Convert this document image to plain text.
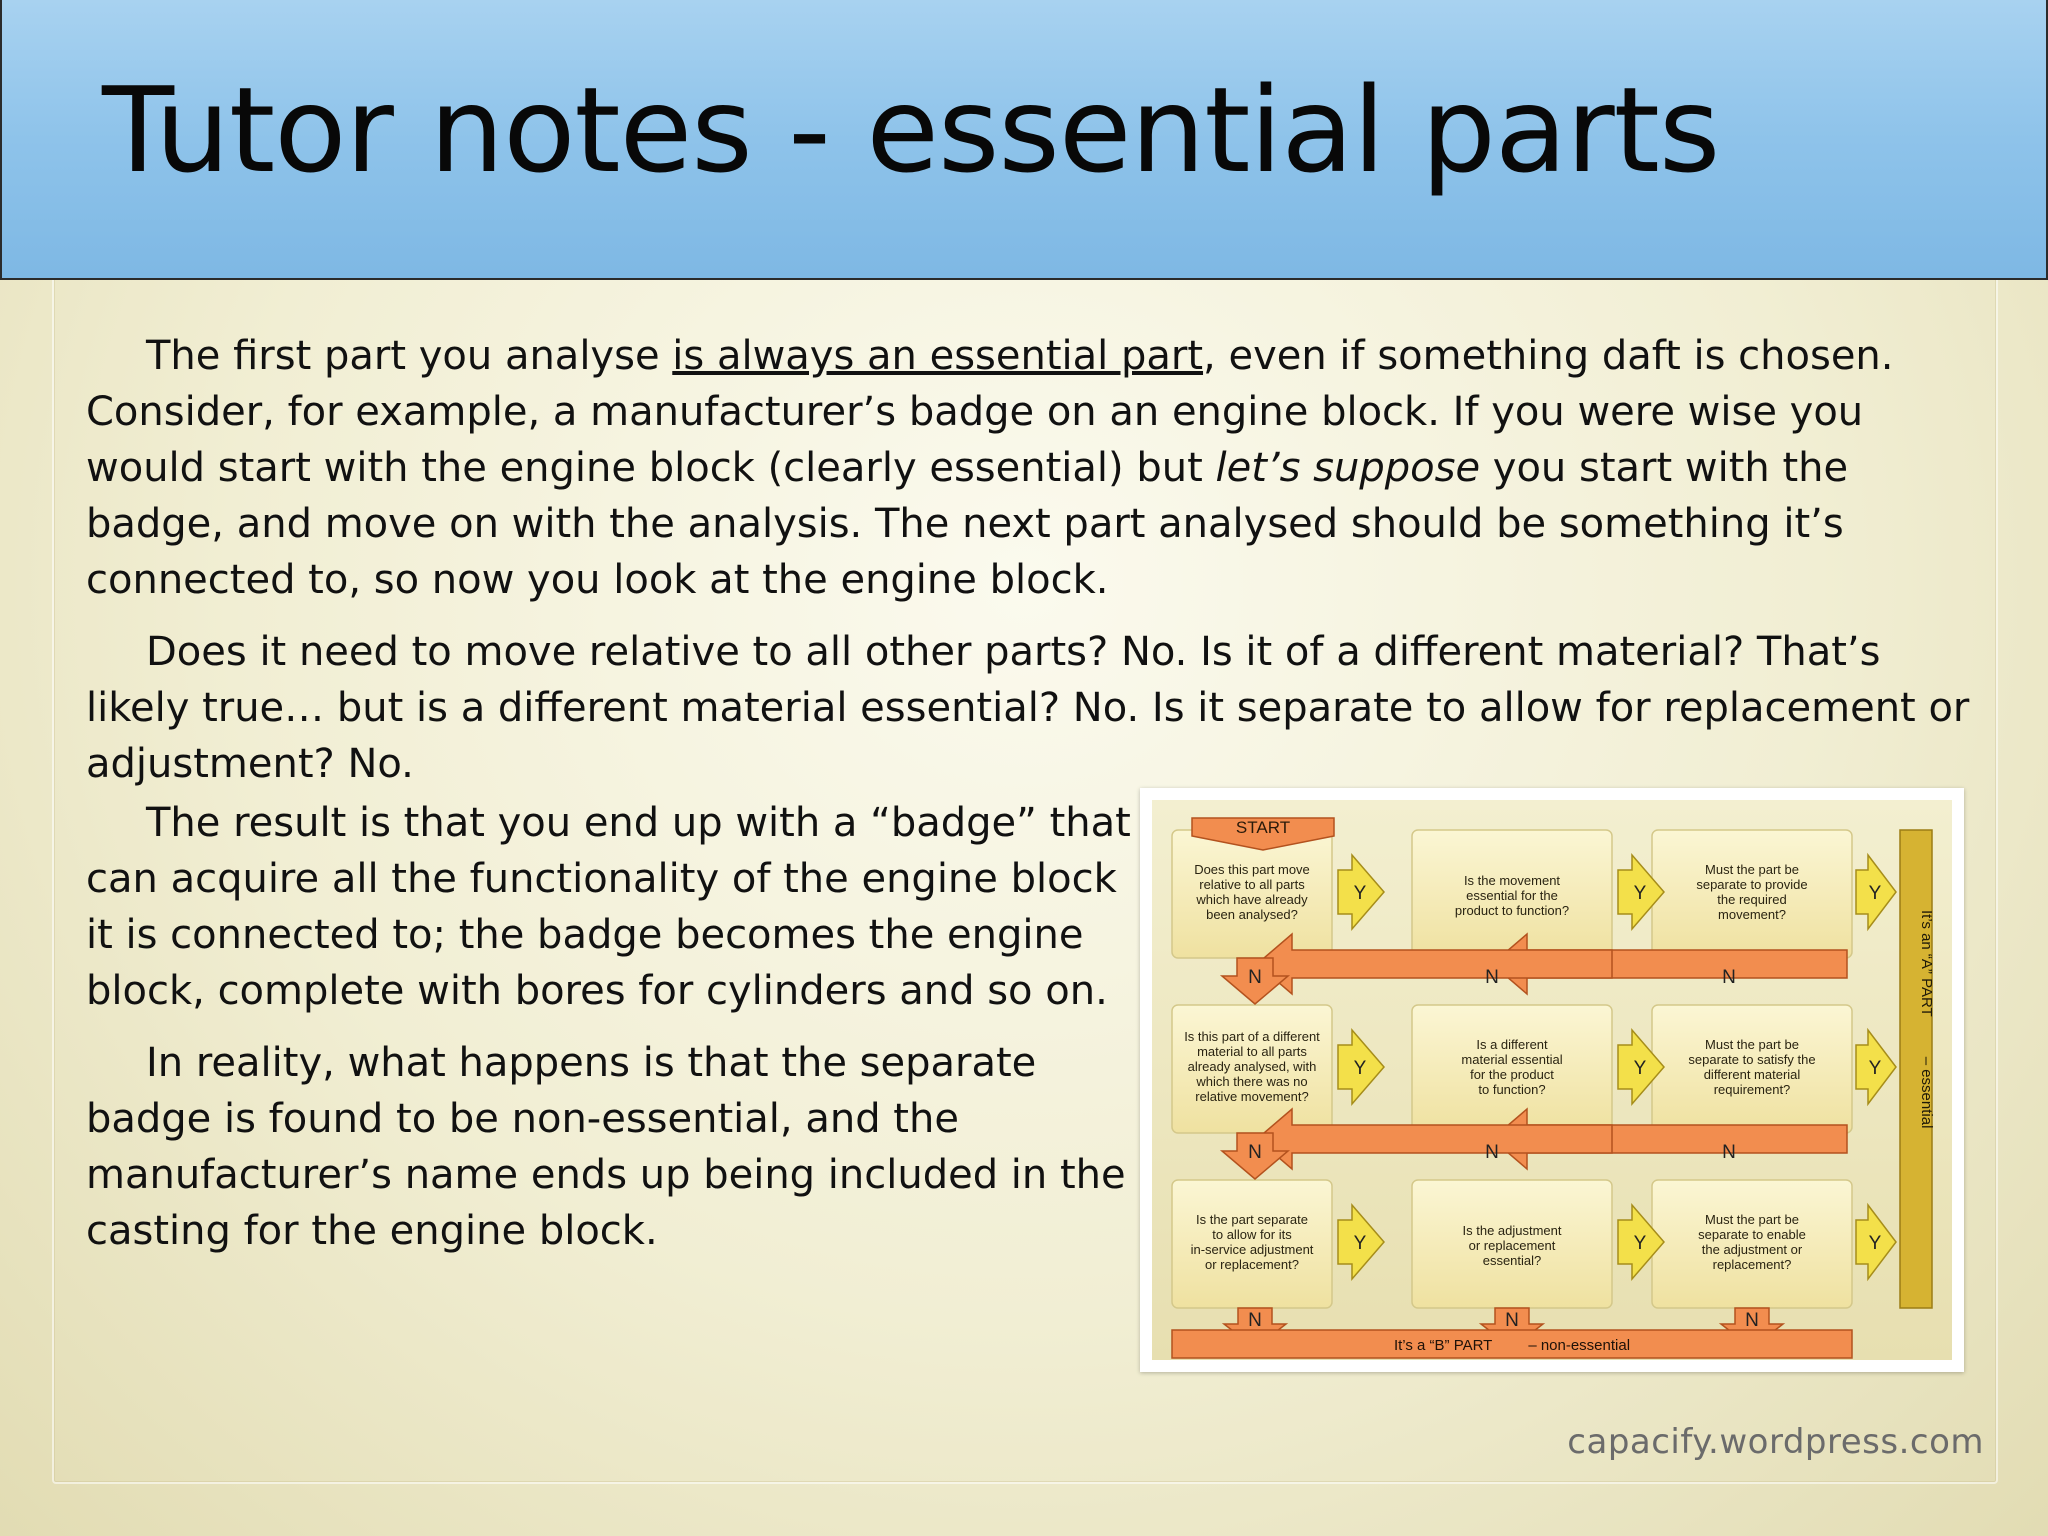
Tutor notes - essential parts

The first part you analyse is always an essential part, even if something daft is chosen. Consider, for example, a manufacturer’s badge on an engine block. If you were wise you would start with the engine block (clearly essential) but let’s suppose you start with the badge, and move on with the analysis. The next part analysed should be something it’s connected to, so now you look at the engine block.

Does it need to move relative to all other parts? No. Is it of a different material? That’s likely true… but is a different material essential? No. Is it separate to allow for replacement or adjustment? No.

The result is that you end up with a “badge” that can acquire all the functionality of the engine block it is connected to; the badge becomes the engine block, complete with bores for cylinders and so on.

In reality, what happens is that the separate badge is found to be non-essential, and the manufacturer’s name ends up being included in the casting for the engine block.

START
Y	Y	Y
Y	Y	Y
Y	Y	Y
It’s an “A” PART– essential
It’s a “B” PART – non-essential
N	N	N
N	N	N
N	N	N
Does this part move relative to all parts which have already been analysed?
Is the movement essential for the product to function?
Must the part be separate to provide the required movement?
Is this part of a different material to all parts already analysed, with which there was no relative movement?
Is a different material essential for the product to function?
Must the part be separate to satisfy the different material requirement?
Is the part separate to allow for its in-service adjustment or replacement?
Is the adjustment or replacement essential?
Must the part be separate to enable the adjustment or replacement?
capacify.wordpress.com
